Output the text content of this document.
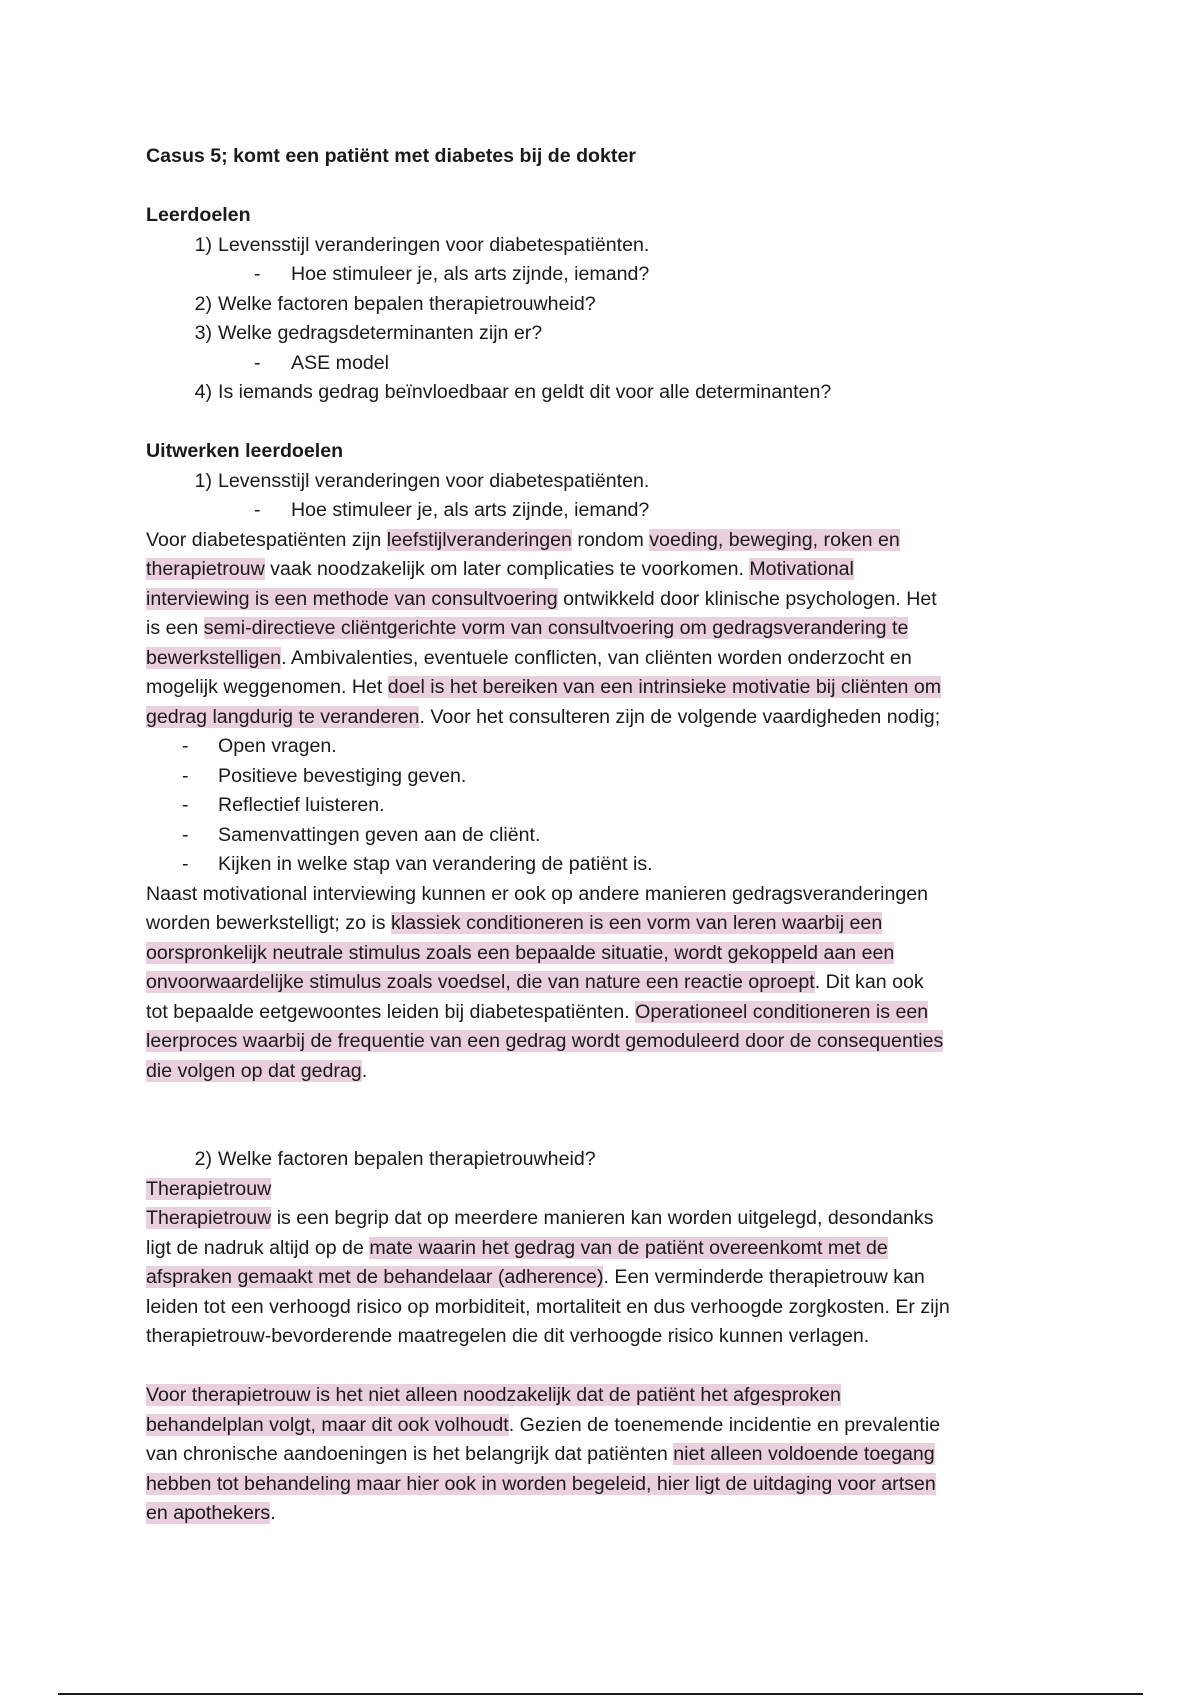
Casus 5; komt een patiënt met diabetes bij de dokter
Leerdoelen
1) Levensstijl veranderingen voor diabetespatiënten.
- Hoe stimuleer je, als arts zijnde, iemand?
2) Welke factoren bepalen therapietrouwheid?
3) Welke gedragsdeterminanten zijn er?
- ASE model
4) Is iemands gedrag beïnvloedbaar en geldt dit voor alle determinanten?
Uitwerken leerdoelen
1) Levensstijl veranderingen voor diabetespatiënten.
- Hoe stimuleer je, als arts zijnde, iemand?
Voor diabetespatiënten zijn leefstijlveranderingen rondom voeding, beweging, roken en
therapietrouw vaak noodzakelijk om later complicaties te voorkomen. Motivational
interviewing is een methode van consultvoering ontwikkeld door klinische psychologen. Het
is een semi-directieve cliëntgerichte vorm van consultvoering om gedragsverandering te
bewerkstelligen. Ambivalenties, eventuele conflicten, van cliënten worden onderzocht en
mogelijk weggenomen. Het doel is het bereiken van een intrinsieke motivatie bij cliënten om
gedrag langdurig te veranderen. Voor het consulteren zijn de volgende vaardigheden nodig;
- Open vragen.
- Positieve bevestiging geven.
- Reflectief luisteren.
- Samenvattingen geven aan de cliënt.
- Kijken in welke stap van verandering de patiënt is.
Naast motivational interviewing kunnen er ook op andere manieren gedragsveranderingen
worden bewerkstelligt; zo is klassiek conditioneren is een vorm van leren waarbij een
oorspronkelijk neutrale stimulus zoals een bepaalde situatie, wordt gekoppeld aan een
onvoorwaardelijke stimulus zoals voedsel, die van nature een reactie oproept. Dit kan ook
tot bepaalde eetgewoontes leiden bij diabetespatiënten. Operationeel conditioneren is een
leerproces waarbij de frequentie van een gedrag wordt gemoduleerd door de consequenties
die volgen op dat gedrag.
2) Welke factoren bepalen therapietrouwheid?
Therapietrouw
Therapietrouw is een begrip dat op meerdere manieren kan worden uitgelegd, desondanks
ligt de nadruk altijd op de mate waarin het gedrag van de patiënt overeenkomt met de
afspraken gemaakt met de behandelaar (adherence). Een verminderde therapietrouw kan
leiden tot een verhoogd risico op morbiditeit, mortaliteit en dus verhoogde zorgkosten. Er zijn
therapietrouw-bevorderende maatregelen die dit verhoogde risico kunnen verlagen.
Voor therapietrouw is het niet alleen noodzakelijk dat de patiënt het afgesproken
behandelplan volgt, maar dit ook volhoudt. Gezien de toenemende incidentie en prevalentie
van chronische aandoeningen is het belangrijk dat patiënten niet alleen voldoende toegang
hebben tot behandeling maar hier ook in worden begeleid, hier ligt de uitdaging voor artsen
en apothekers.
